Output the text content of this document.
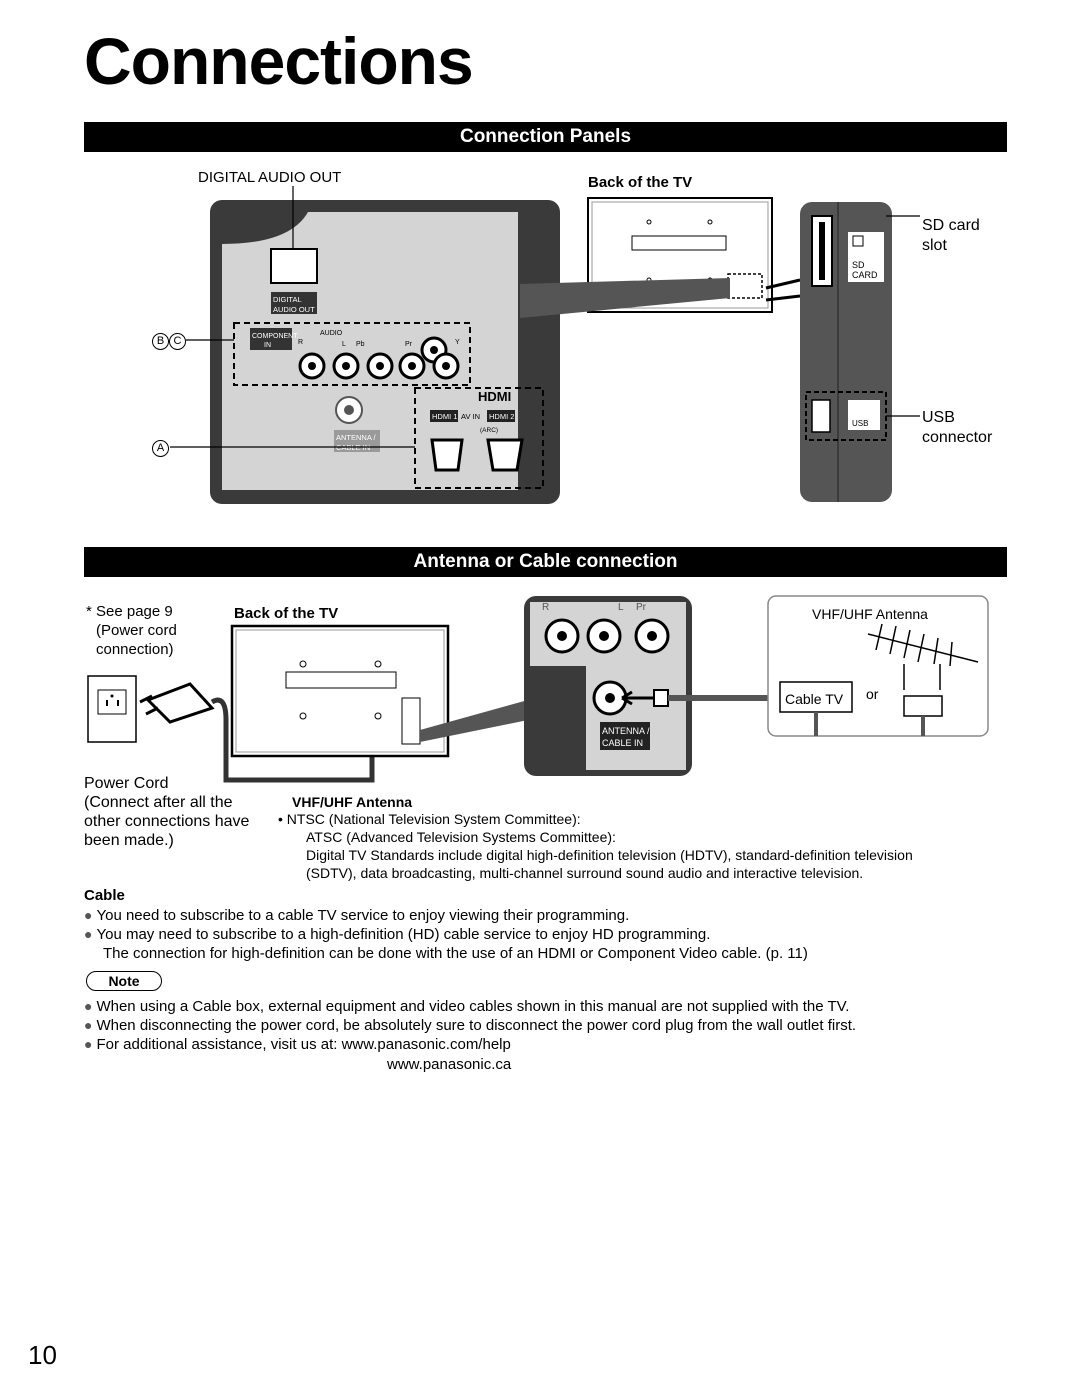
Connections
Connection Panels
DIGITAL
AUDIO OUT
COMPONENT
IN
AUDIO
R	L Pb	Pr	Y
ANTENNA /
CABLE IN
HDMI
HDMI 1 AV IN HDMI 2
(ARC)
SD
CARD
USB
DIGITAL AUDIO OUT	Back of the TV
B C
A
SD card
slot
USB
connector
Antenna or Cable connection
R	L Pr
ANTENNA /
CABLE IN
* See page 9
(Power cord
connection)
Back of the TV	VHF/UHF Antenna
Cable TV or
Power Cord
(Connect after all the
other connections have
been made.)
VHF/UHF Antenna
• NTSC (National Television System Committee):
ATSC (Advanced Television Systems Committee):
Digital TV Standards include digital high-definition television (HDTV), standard-definition television
(SDTV), data broadcasting, multi-channel surround sound audio and interactive television.
Cable
● You need to subscribe to a cable TV service to enjoy viewing their programming.
● You may need to subscribe to a high-definition (HD) cable service to enjoy HD programming.
The connection for high-definition can be done with the use of an HDMI or Component Video cable. (p. 11)
Note
● When using a Cable box, external equipment and video cables shown in this manual are not supplied with the TV.
● When disconnecting the power cord, be absolutely sure to disconnect the power cord plug from the wall outlet first.
● For additional assistance, visit us at: www.panasonic.com/help
www.panasonic.ca
10
